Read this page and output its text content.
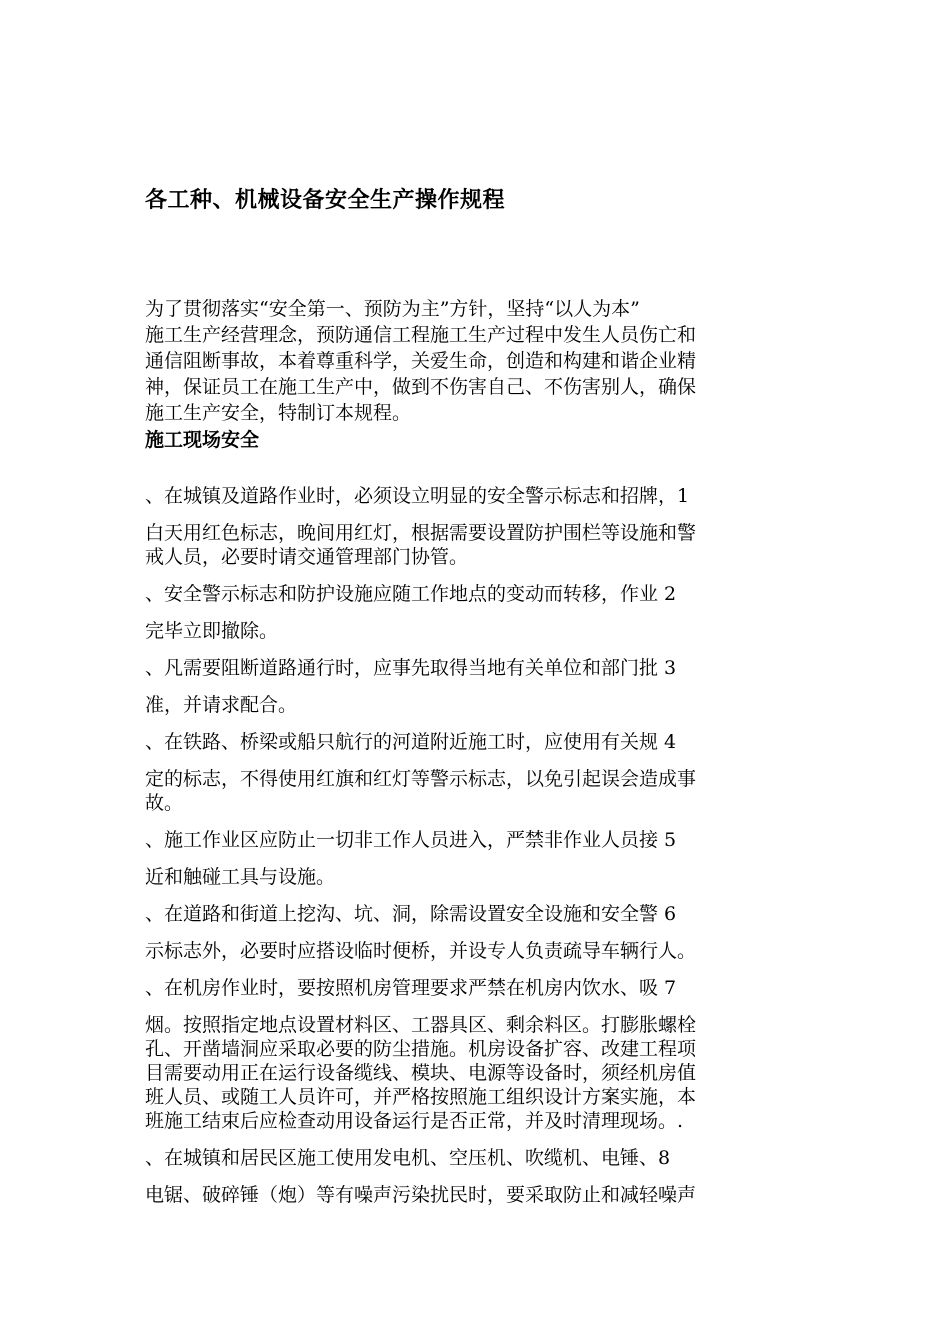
各工种、机械设备安全生产操作规程
为了贯彻落实“安全第一、预防为主”方针，坚持“以人为本”
施工生产经营理念，预防通信工程施工生产过程中发生人员伤亡和
通信阻断事故，本着尊重科学，关爱生命，创造和构建和谐企业精
神，保证员工在施工生产中，做到不伤害自己、不伤害别人，确保
施工生产安全，特制订本规程。
施工现场安全
、在城镇及道路作业时，必须设立明显的安全警示标志和招牌，1
白天用红色标志，晚间用红灯，根据需要设置防护围栏等设施和警
戒人员，必要时请交通管理部门协管。
、安全警示标志和防护设施应随工作地点的变动而转移，作业 2
完毕立即撤除。
、凡需要阻断道路通行时，应事先取得当地有关单位和部门批 3
准，并请求配合。
、在铁路、桥梁或船只航行的河道附近施工时，应使用有关规 4
定的标志，不得使用红旗和红灯等警示标志，以免引起误会造成事
故。
、施工作业区应防止一切非工作人员进入，严禁非作业人员接 5
近和触碰工具与设施。
、在道路和街道上挖沟、坑、洞，除需设置安全设施和安全警 6
示标志外，必要时应搭设临时便桥，并设专人负责疏导车辆行人。
、在机房作业时，要按照机房管理要求严禁在机房内饮水、吸 7
烟。按照指定地点设置材料区、工器具区、剩余料区。打膨胀螺栓
孔、开凿墙洞应采取必要的防尘措施。机房设备扩容、改建工程项
目需要动用正在运行设备缆线、模块、电源等设备时，须经机房值
班人员、或随工人员许可，并严格按照施工组织设计方案实施，本
班施工结束后应检查动用设备运行是否正常，并及时清理现场。.
、在城镇和居民区施工使用发电机、空压机、吹缆机、电锤、8
电锯、破碎锤（炮）等有噪声污染扰民时，要采取防止和减轻噪声
